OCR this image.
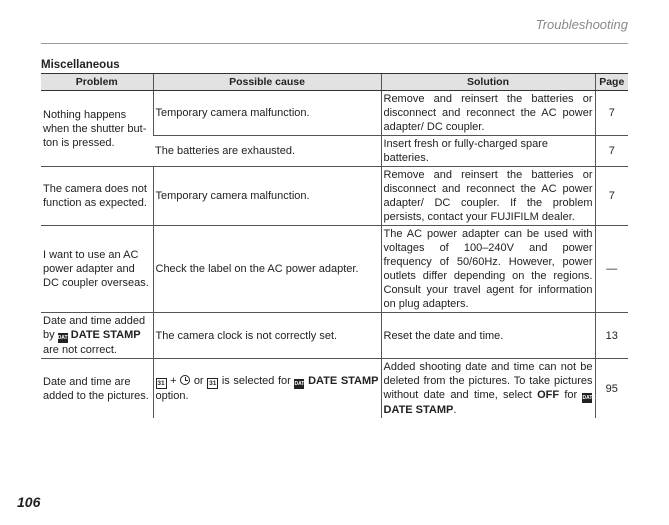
Troubleshooting
Miscellaneous
Problem	Possible cause	Solution	Page
Nothing happens when the shutter button is pressed.	Temporary camera malfunction.	Remove and reinsert the batteries or disconnect and reconnect the AC power adapter/ DC coupler.	7
	The batteries are exhausted.	Insert fresh or fully-charged spare batteries.	7
The camera does not function as expected.	Temporary camera malfunction.	Remove and reinsert the batteries or disconnect and reconnect the AC power adapter/ DC coupler. If the problem persists, contact your FUJIFILM dealer.	7
I want to use an AC power adapter and DC coupler overseas.	Check the label on the AC power adapter.	The AC power adapter can be used with voltages of 100–240V and power frequency of 50/60Hz. However, power outlets differ depending on the regions. Consult your travel agent for information on plug adapters.	—
Date and time added by DATE DATE STAMP are not correct.	The camera clock is not correctly set.	Reset the date and time.	13
Date and time are added to the pictures.	31 + or 31 is selected for DATE DATE STAMP option.	Added shooting date and time can not be deleted from the pictures. To take pictures without date and time, select OFF for DATE DATE STAMP.	95
106
